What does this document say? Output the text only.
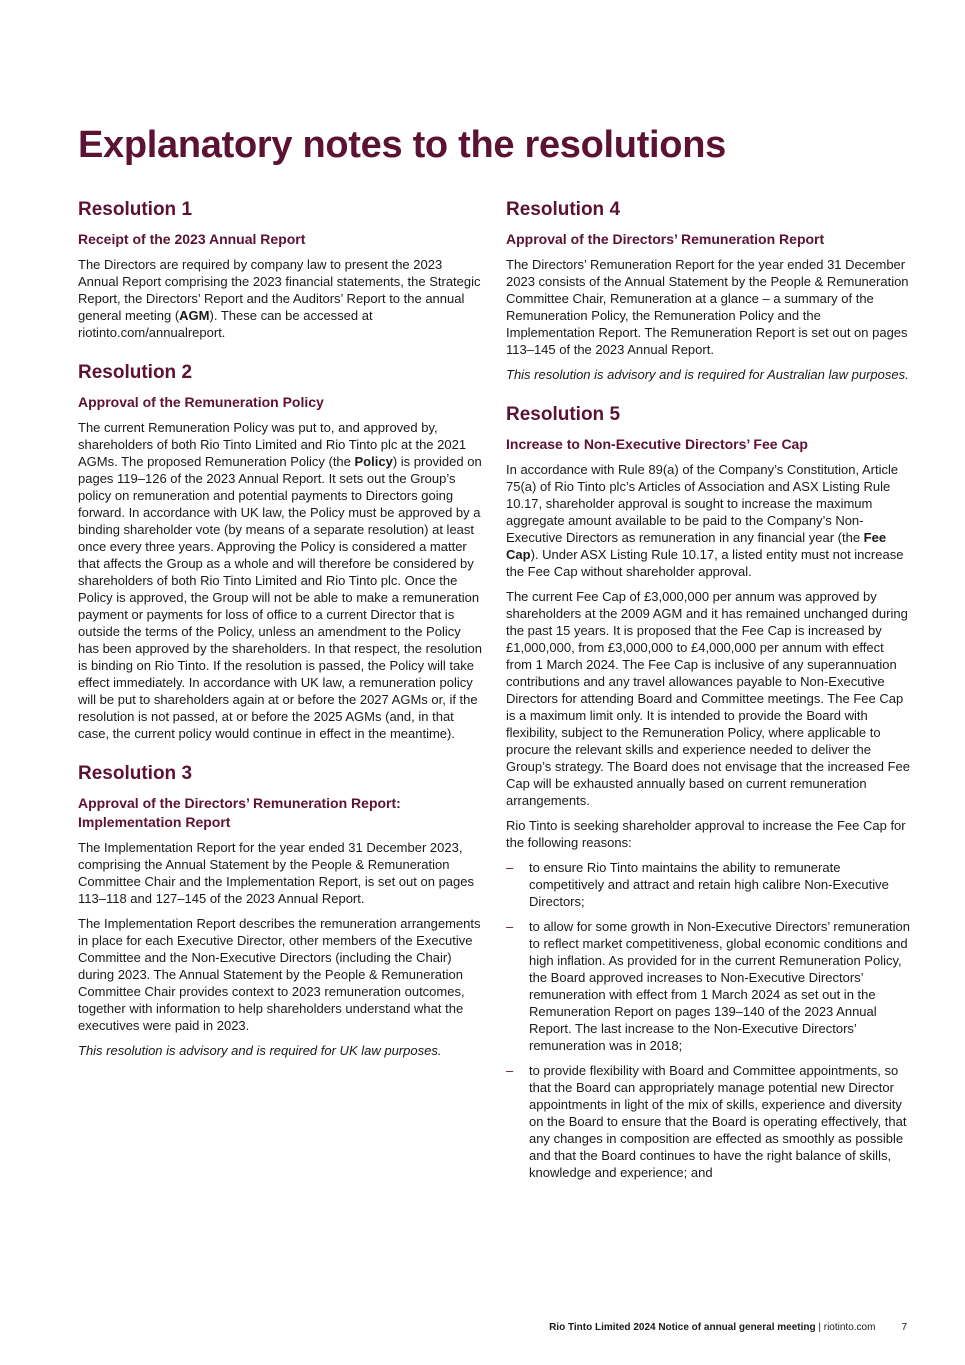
Explanatory notes to the resolutions
Resolution 1
Receipt of the 2023 Annual Report

The Directors are required by company law to present the 2023 Annual Report comprising the 2023 financial statements, the Strategic Report, the Directors’ Report and the Auditors’ Report to the annual general meeting (AGM). These can be accessed at riotinto.com/annualreport.

Resolution 2
Approval of the Remuneration Policy

The current Remuneration Policy was put to, and approved by, shareholders of both Rio Tinto Limited and Rio Tinto plc at the 2021 AGMs. The proposed Remuneration Policy (the Policy) is provided on pages 119–126 of the 2023 Annual Report. It sets out the Group’s policy on remuneration and potential payments to Directors going forward. In accordance with UK law, the Policy must be approved by a binding shareholder vote (by means of a separate resolution) at least once every three years. Approving the Policy is considered a matter that affects the Group as a whole and will therefore be considered by shareholders of both Rio Tinto Limited and Rio Tinto plc. Once the Policy is approved, the Group will not be able to make a remuneration payment or payments for loss of office to a current Director that is outside the terms of the Policy, unless an amendment to the Policy has been approved by the shareholders. In that respect, the resolution is binding on Rio Tinto. If the resolution is passed, the Policy will take effect immediately. In accordance with UK law, a remuneration policy will be put to shareholders again at or before the 2027 AGMs or, if the resolution is not passed, at or before the 2025 AGMs (and, in that case, the current policy would continue in effect in the meantime).

Resolution 3
Approval of the Directors’ Remuneration Report: Implementation Report

The Implementation Report for the year ended 31 December 2023, comprising the Annual Statement by the People & Remuneration Committee Chair and the Implementation Report, is set out on pages 113–118 and 127–145 of the 2023 Annual Report.

The Implementation Report describes the remuneration arrangements in place for each Executive Director, other members of the Executive Committee and the Non-Executive Directors (including the Chair) during 2023. The Annual Statement by the People & Remuneration Committee Chair provides context to 2023 remuneration outcomes, together with information to help shareholders understand what the executives were paid in 2023.

This resolution is advisory and is required for UK law purposes.

Resolution 4
Approval of the Directors’ Remuneration Report

The Directors’ Remuneration Report for the year ended 31 December 2023 consists of the Annual Statement by the People & Remuneration Committee Chair, Remuneration at a glance – a summary of the Remuneration Policy, the Remuneration Policy and the Implementation Report. The Remuneration Report is set out on pages 113–145 of the 2023 Annual Report.

This resolution is advisory and is required for Australian law purposes.

Resolution 5
Increase to Non-Executive Directors’ Fee Cap

In accordance with Rule 89(a) of the Company’s Constitution, Article 75(a) of Rio Tinto plc’s Articles of Association and ASX Listing Rule 10.17, shareholder approval is sought to increase the maximum aggregate amount available to be paid to the Company’s Non-Executive Directors as remuneration in any financial year (the Fee Cap). Under ASX Listing Rule 10.17, a listed entity must not increase the Fee Cap without shareholder approval.

The current Fee Cap of £3,000,000 per annum was approved by shareholders at the 2009 AGM and it has remained unchanged during the past 15 years. It is proposed that the Fee Cap is increased by £1,000,000, from £3,000,000 to £4,000,000 per annum with effect from 1 March 2024. The Fee Cap is inclusive of any superannuation contributions and any travel allowances payable to Non-Executive Directors for attending Board and Committee meetings. The Fee Cap is a maximum limit only. It is intended to provide the Board with flexibility, subject to the Remuneration Policy, where applicable to procure the relevant skills and experience needed to deliver the Group’s strategy. The Board does not envisage that the increased Fee Cap will be exhausted annually based on current remuneration arrangements.

Rio Tinto is seeking shareholder approval to increase the Fee Cap for the following reasons:

– to ensure Rio Tinto maintains the ability to remunerate competitively and attract and retain high calibre Non-Executive Directors;
– to allow for some growth in Non-Executive Directors’ remuneration to reflect market competitiveness, global economic conditions and high inflation. As provided for in the current Remuneration Policy, the Board approved increases to Non-Executive Directors’ remuneration with effect from 1 March 2024 as set out in the Remuneration Report on pages 139–140 of the 2023 Annual Report. The last increase to the Non-Executive Directors’ remuneration was in 2018;
– to provide flexibility with Board and Committee appointments, so that the Board can appropriately manage potential new Director appointments in light of the mix of skills, experience and diversity on the Board to ensure that the Board is operating effectively, that any changes in composition are effected as smoothly as possible and that the Board continues to have the right balance of skills, knowledge and experience; and
Rio Tinto Limited 2024 Notice of annual general meeting | riotinto.com	7
